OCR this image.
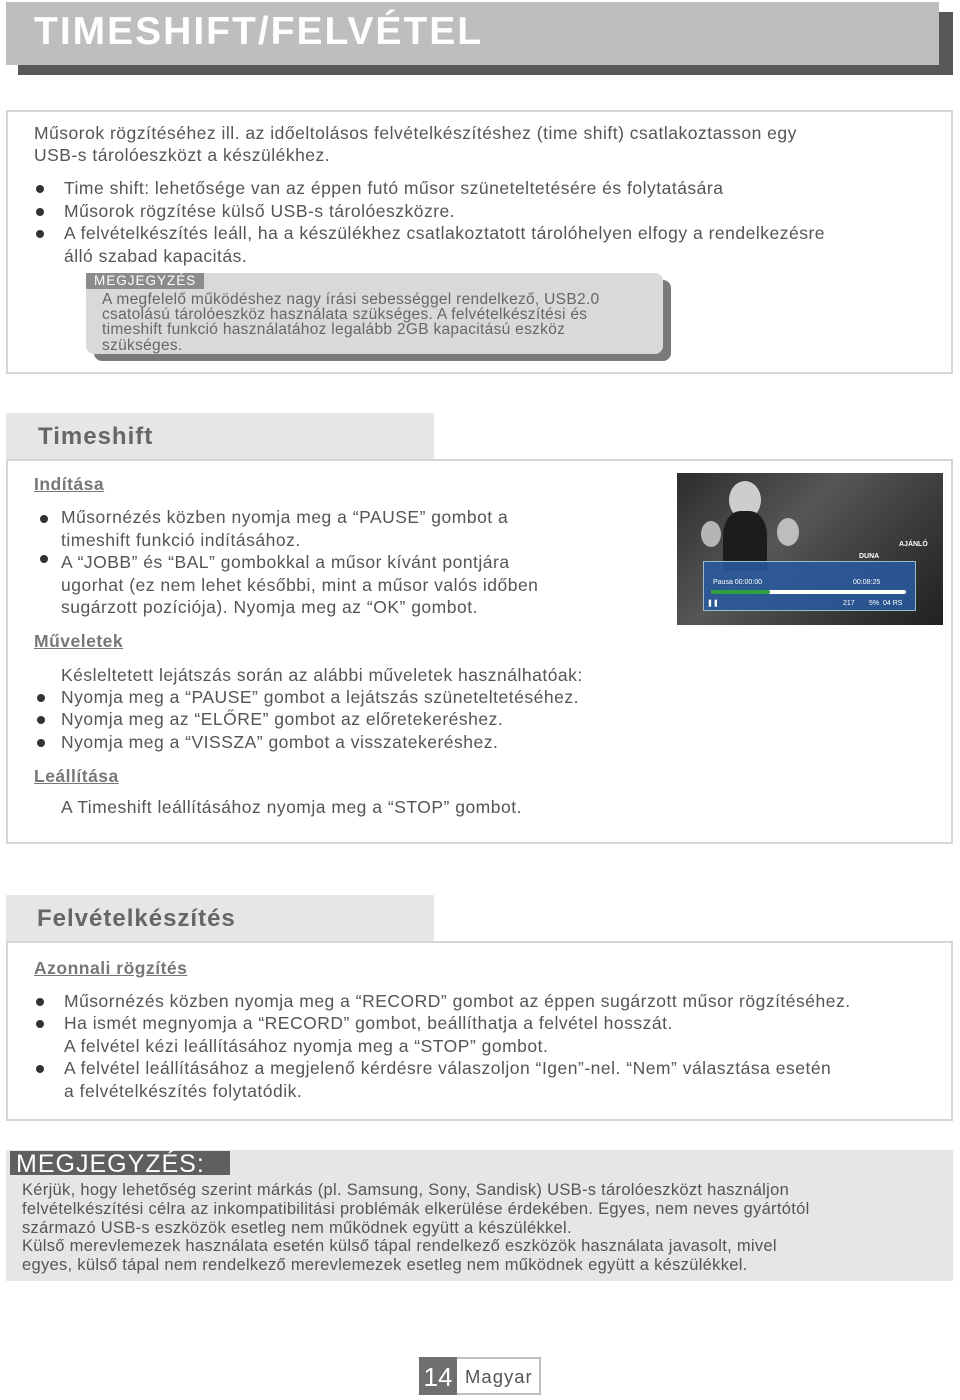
TIMESHIFT/FELVÉTEL
Műsorok rögzítéséhez ill. az időeltolásos felvételkészítéshez (time shift) csatlakoztasson egy
USB-s tárolóeszközt a készülékhez.
Time shift: lehetősége van az éppen futó műsor szüneteltetésére és folytatására
Műsorok rögzítése külső USB-s tárolóeszközre.
A felvételkészítés leáll, ha a készülékhez csatlakoztatott tárolóhelyen elfogy a rendelkezésre
álló szabad kapacitás.
MEGJEGYZÉS
A megfelelő működéshez nagy írási sebességgel rendelkező, USB2.0
csatolású tárolóeszköz használata szükséges. A felvételkészítési és
timeshift funkció használatához legalább 2GB kapacitású eszköz
szükséges.
Timeshift
Indítása
Műsornézés közben nyomja meg a “PAUSE” gombot a
timeshift funkció indításához.
A “JOBB” és “BAL” gombokkal a műsor kívánt pontjára
ugorhat (ez nem lehet későbbi, mint a műsor valós időben
sugárzott pozíciója). Nyomja meg az “OK” gombot.
Műveletek
Késleltetett lejátszás során az alábbi műveletek használhatóak:
Nyomja meg a “PAUSE” gombot a lejátszás szüneteltetéséhez.
Nyomja meg az “ELŐRE” gombot az előretekeréshez.
Nyomja meg a “VISSZA” gombot a visszatekeréshez.
Leállítása
A Timeshift leállításához nyomja meg a “STOP” gombot.
AJÁNLÓ
DUNA
Pausa 00:00:00	00:08:25
❚❚	217 5% 04 RS
Felvételkészítés
Azonnali rögzítés
Műsornézés közben nyomja meg a “RECORD” gombot az éppen sugárzott műsor rögzítéséhez.
Ha ismét megnyomja a “RECORD” gombot, beállíthatja a felvétel hosszát.
A felvétel kézi leállításához nyomja meg a “STOP” gombot.
A felvétel leállításához a megjelenő kérdésre válaszoljon “Igen”-nel. “Nem” választása esetén
a felvételkészítés folytatódik.
MEGJEGYZÉS:
Kérjük, hogy lehetőség szerint márkás (pl. Samsung, Sony, Sandisk) USB-s tárolóeszközt használjon
felvételkészítési célra az inkompatibilitási problémák elkerülése érdekében. Egyes, nem neves gyártótól
származó USB-s eszközök esetleg nem működnek együtt a készülékkel.
Külső merevlemezek használata esetén külső tápal rendelkező eszközök használata javasolt, mivel
egyes, külső tápal nem rendelkező merevlemezek esetleg nem működnek együtt a készülékkel.
14 Magyar
